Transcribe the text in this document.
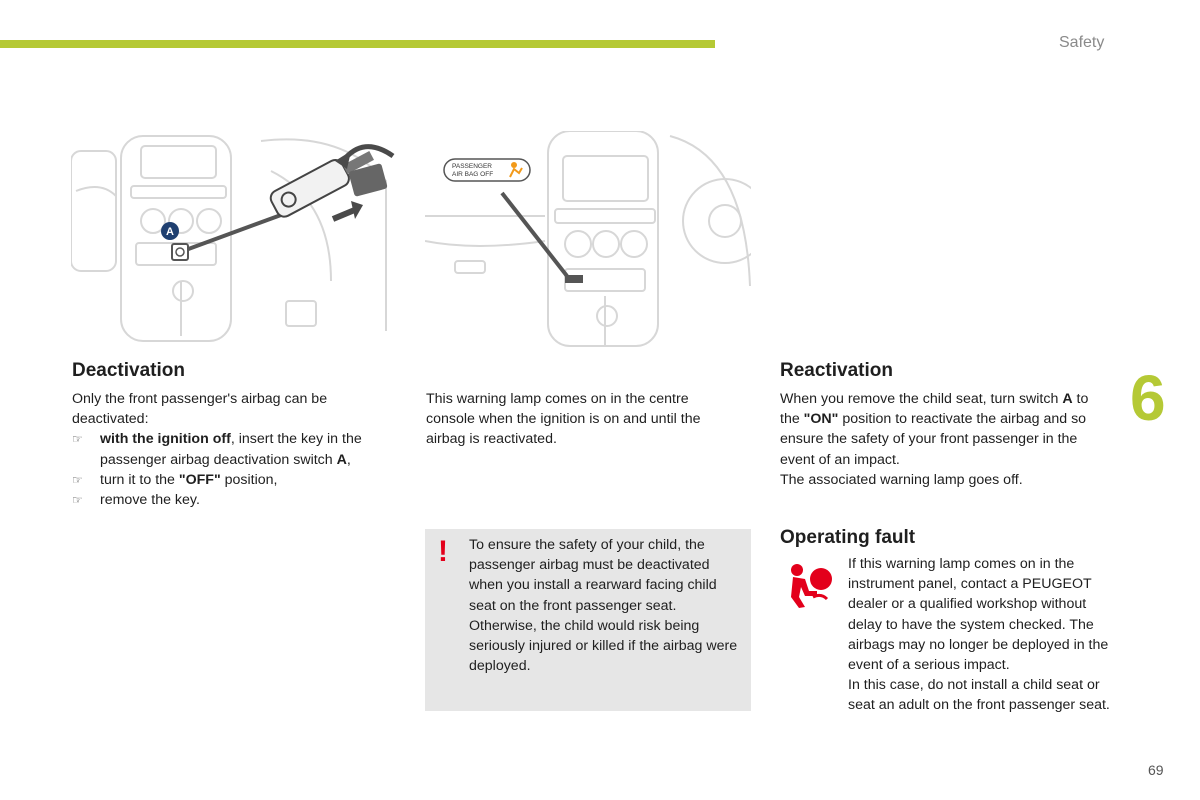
Safety
6
69
A
PASSENGER
AIR BAG OFF
Deactivation
Only the front passenger's airbag can be deactivated:
☞ with the ignition off, insert the key in the passenger airbag deactivation switch A,
☞ turn it to the "OFF" position,
☞ remove the key.
This warning lamp comes on in the centre console when the ignition is on and until the airbag is reactivated.
! To ensure the safety of your child, the passenger airbag must be deactivated when you install a rearward facing child seat on the front passenger seat. Otherwise, the child would risk being seriously injured or killed if the airbag were deployed.
Reactivation
When you remove the child seat, turn switch A to the "ON" position to reactivate the airbag and so ensure the safety of your front passenger in the event of an impact.
The associated warning lamp goes off.
Operating fault
If this warning lamp comes on in the instrument panel, contact a PEUGEOT dealer or a qualified workshop without delay to have the system checked. The airbags may no longer be deployed in the event of a serious impact.
In this case, do not install a child seat or seat an adult on the front passenger seat.
